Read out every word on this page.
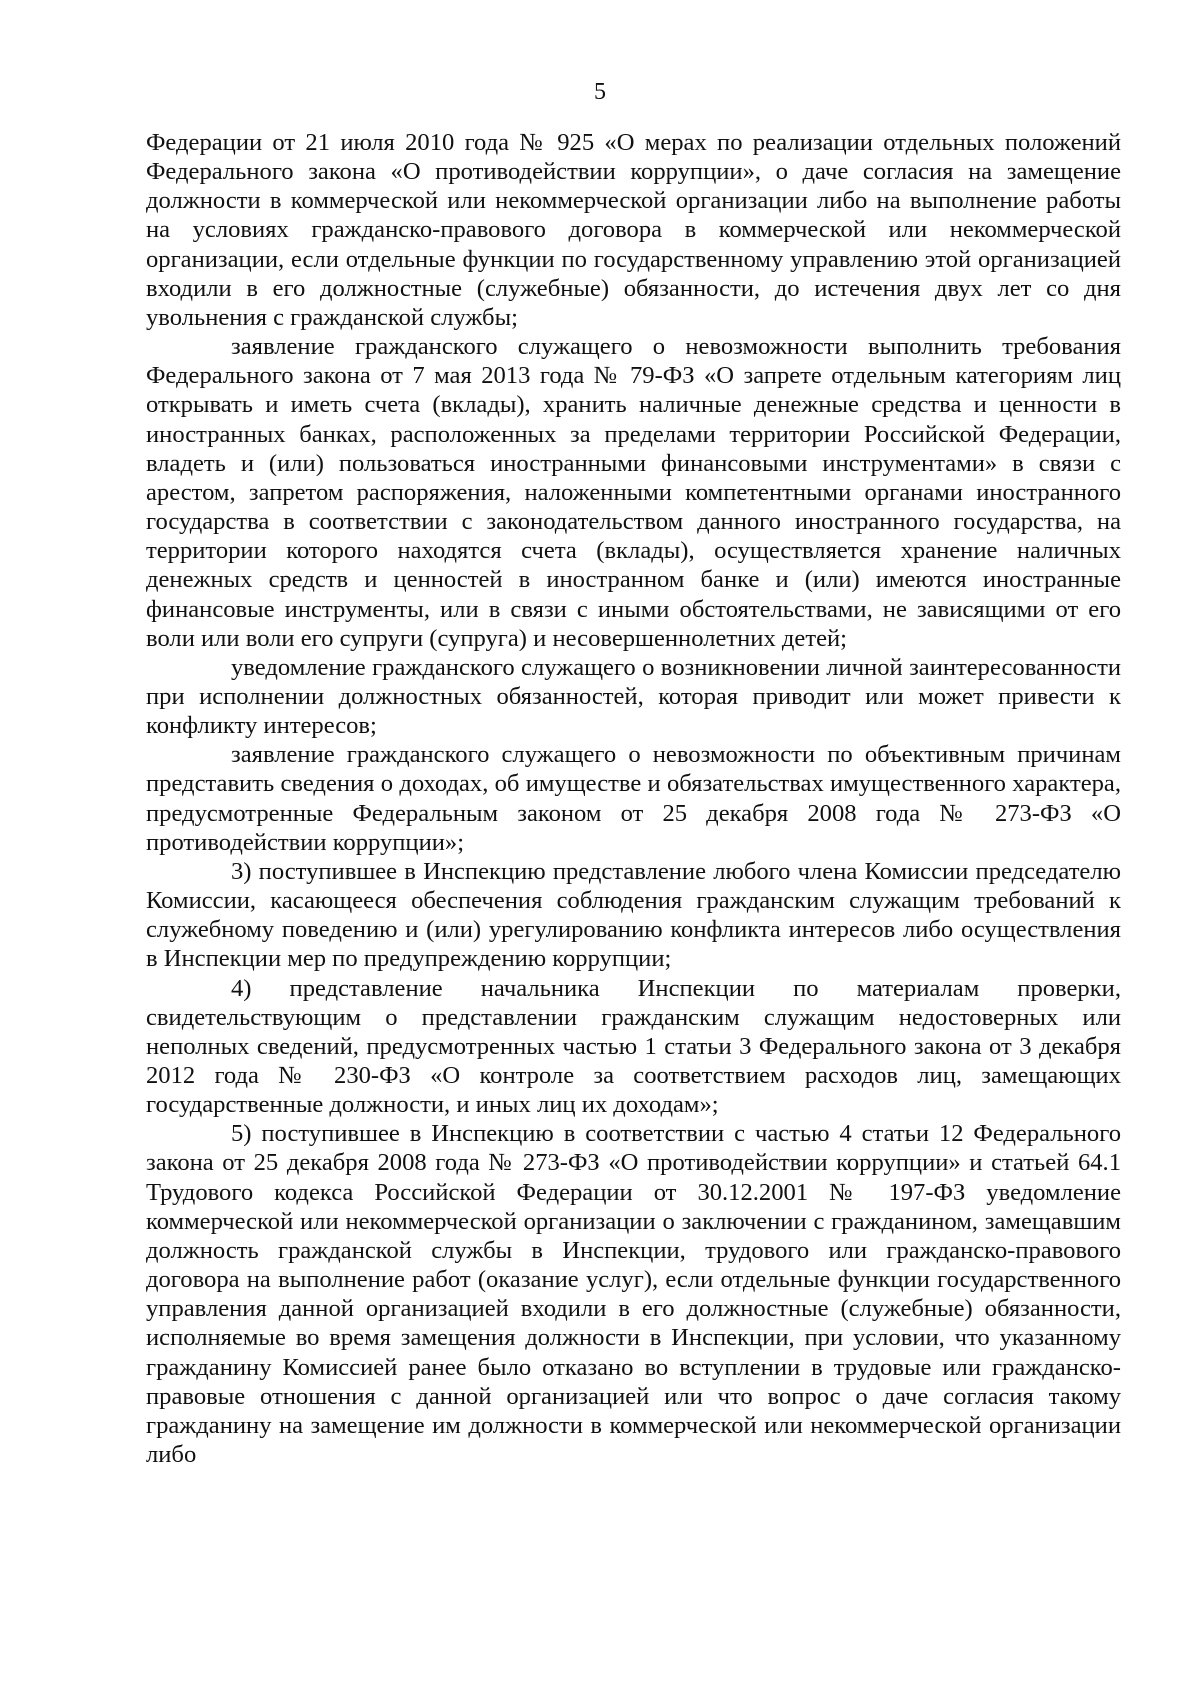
5

Федерации от 21 июля 2010 года № 925 «О мерах по реализации отдельных положений Федерального закона «О противодействии коррупции», о даче согласия на замещение должности в коммерческой или некоммерческой организации либо на выполнение работы на условиях гражданско-правового договора в коммерческой или некоммерческой организации, если отдельные функции по государственному управлению этой организацией входили в его должностные (служебные) обязанности, до истечения двух лет со дня увольнения с гражданской службы;

заявление гражданского служащего о невозможности выполнить требования Федерального закона от 7 мая 2013 года № 79-ФЗ «О запрете отдельным категориям лиц открывать и иметь счета (вклады), хранить наличные денежные средства и ценности в иностранных банках, расположенных за пределами территории Российской Федерации, владеть и (или) пользоваться иностранными финансовыми инструментами» в связи с арестом, запретом распоряжения, наложенными компетентными органами иностранного государства в соответствии с законодательством данного иностранного государства, на территории которого находятся счета (вклады), осуществляется хранение наличных денежных средств и ценностей в иностранном банке и (или) имеются иностранные финансовые инструменты, или в связи с иными обстоятельствами, не зависящими от его воли или воли его супруги (супруга) и несовершеннолетних детей;

уведомление гражданского служащего о возникновении личной заинтересованности при исполнении должностных обязанностей, которая приводит или может привести к конфликту интересов;

заявление гражданского служащего о невозможности по объективным причинам представить сведения о доходах, об имуществе и обязательствах имущественного характера, предусмотренные Федеральным законом от 25 декабря 2008 года № 273-ФЗ «О противодействии коррупции»;

3) поступившее в Инспекцию представление любого члена Комиссии председателю Комиссии, касающееся обеспечения соблюдения гражданским служащим требований к служебному поведению и (или) урегулированию конфликта интересов либо осуществления в Инспекции мер по предупреждению коррупции;

4) представление начальника Инспекции по материалам проверки, свидетельствующим о представлении гражданским служащим недостоверных или неполных сведений, предусмотренных частью 1 статьи 3 Федерального закона от 3 декабря 2012 года № 230-ФЗ «О контроле за соответствием расходов лиц, замещающих государственные должности, и иных лиц их доходам»;

5) поступившее в Инспекцию в соответствии с частью 4 статьи 12 Федерального закона от 25 декабря 2008 года № 273-ФЗ «О противодействии коррупции» и статьей 64.1 Трудового кодекса Российской Федерации от 30.12.2001 № 197-ФЗ уведомление коммерческой или некоммерческой организации о заключении с гражданином, замещавшим должность гражданской службы в Инспекции, трудового или гражданско-правового договора на выполнение работ (оказание услуг), если отдельные функции государственного управления данной организацией входили в его должностные (служебные) обязанности, исполняемые во время замещения должности в Инспекции, при условии, что указанному гражданину Комиссией ранее было отказано во вступлении в трудовые или гражданско-правовые отношения с данной организацией или что вопрос о даче согласия такому гражданину на замещение им должности в коммерческой или некоммерческой организации либо
